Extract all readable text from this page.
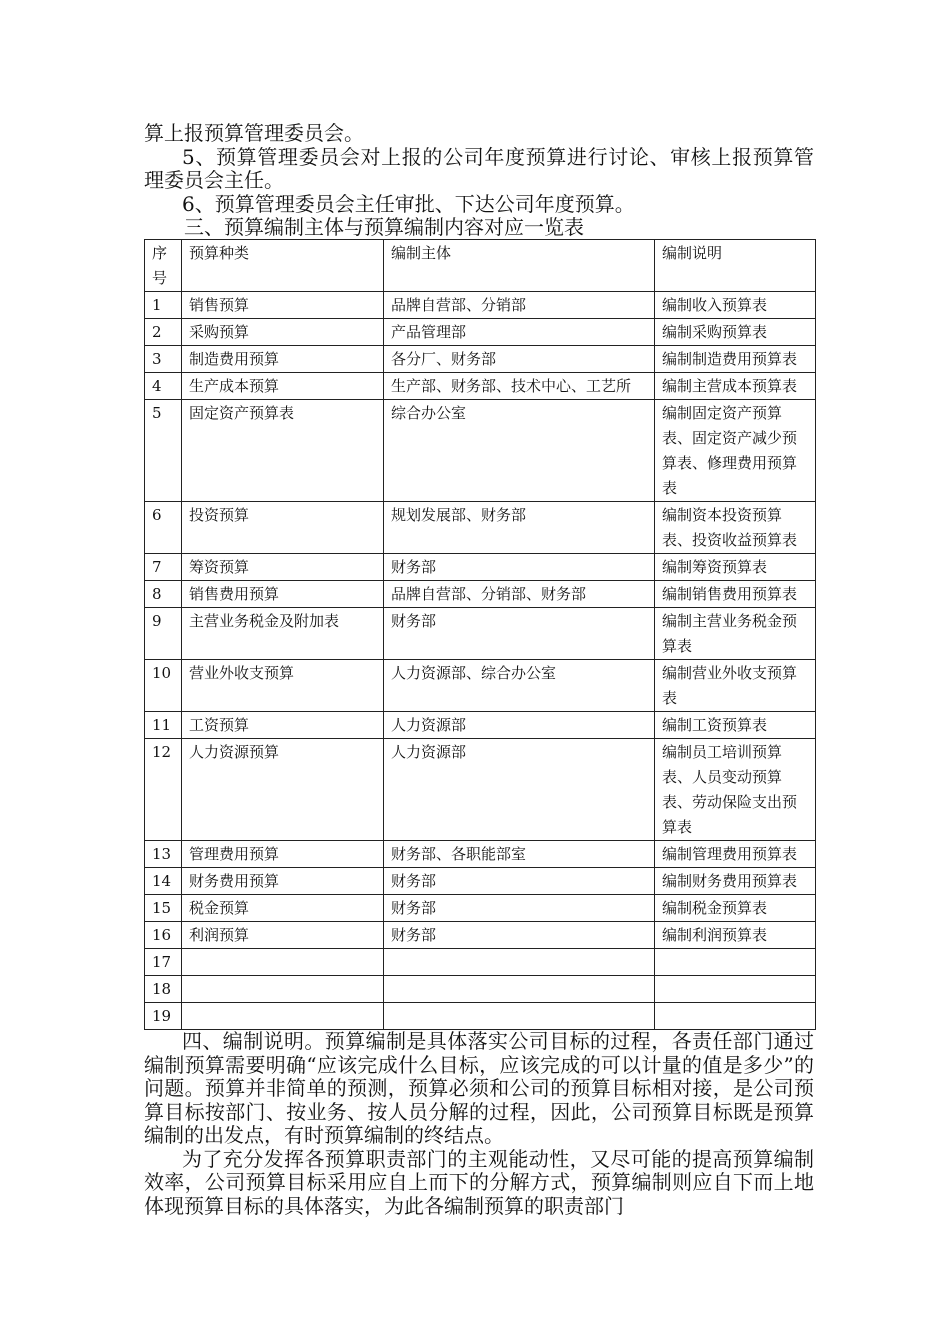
算上报预算管理委员会。

5、预算管理委员会对上报的公司年度预算进行讨论、审核上报预算管理委员会主任。

6、预算管理委员会主任审批、下达公司年度预算。

三、预算编制主体与预算编制内容对应一览表

序号	预算种类	编制主体	编制说明
1	销售预算	品牌自营部、分销部	编制收入预算表
2	采购预算	产品管理部	编制采购预算表
3	制造费用预算	各分厂、财务部	编制制造费用预算表
4	生产成本预算	生产部、财务部、技术中心、工艺所	编制主营成本预算表
5	固定资产预算表	综合办公室	编制固定资产预算表、固定资产减少预算表、修理费用预算表
6	投资预算	规划发展部、财务部	编制资本投资预算表、投资收益预算表
7	筹资预算	财务部	编制筹资预算表
8	销售费用预算	品牌自营部、分销部、财务部	编制销售费用预算表
9	主营业务税金及附加表	财务部	编制主营业务税金预算表
10	营业外收支预算	人力资源部、综合办公室	编制营业外收支预算表
11	工资预算	人力资源部	编制工资预算表
12	人力资源预算	人力资源部	编制员工培训预算表、人员变动预算表、劳动保险支出预算表
13	管理费用预算	财务部、各职能部室	编制管理费用预算表
14	财务费用预算	财务部	编制财务费用预算表
15	税金预算	财务部	编制税金预算表
16	利润预算	财务部	编制利润预算表
17			
18			
19			

四、编制说明。预算编制是具体落实公司目标的过程，各责任部门通过编制预算需要明确“应该完成什么目标，应该完成的可以计量的值是多少”的问题。预算并非简单的预测，预算必须和公司的预算目标相对接，是公司预算目标按部门、按业务、按人员分解的过程，因此，公司预算目标既是预算编制的出发点，有时预算编制的终结点。

为了充分发挥各预算职责部门的主观能动性，又尽可能的提高预算编制效率，公司预算目标采用应自上而下的分解方式，预算编制则应自下而上地体现预算目标的具体落实，为此各编制预算的职责部门
